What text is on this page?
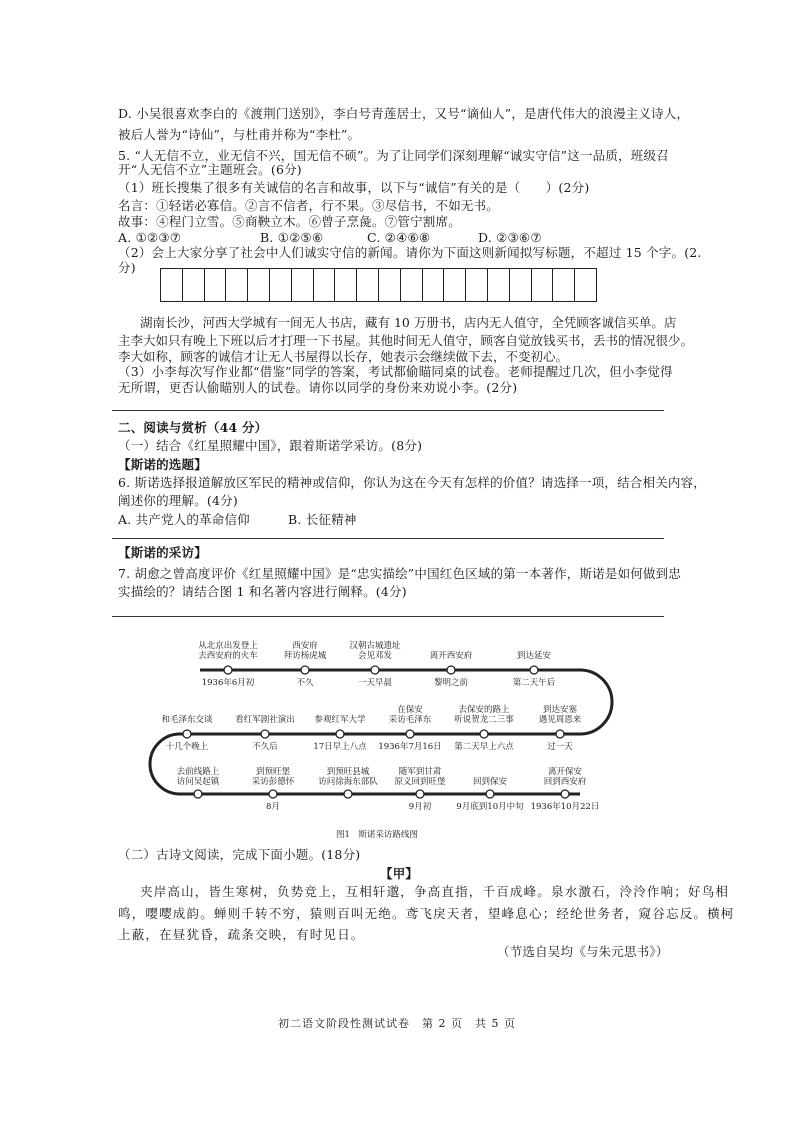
D. 小吴很喜欢李白的《渡荆门送别》，李白号青莲居士，又号“谪仙人”，是唐代伟大的浪漫主义诗人，
被后人誉为“诗仙”，与杜甫并称为“李杜”。
5. “人无信不立，业无信不兴，国无信不硕”。为了让同学们深刻理解“诚实守信”这一品质，班级召
开“人无信不立”主题班会。(6分)
（1）班长搜集了很多有关诚信的名言和故事，以下与“诚信”有关的是（　　）(2分)
名言：①轻诺必寡信。②言不信者，行不果。③尽信书，不如无书。
故事：④程门立雪。⑤商鞅立木。⑥曾子烹彘。⑦管宁割席。
A. ①②③⑦	B. ①②⑤⑥	C. ②④⑥⑧	D. ②③⑥⑦
（2）会上大家分享了社会中人们诚实守信的新闻。请你为下面这则新闻拟写标题，不超过 15 个字。(2.
分)
湖南长沙，河西大学城有一间无人书店，藏有 10 万册书，店内无人值守，全凭顾客诚信买单。店
主李大如只有晚上下班以后才打理一下书屋。其他时间无人值守，顾客自觉放钱买书，丢书的情况很少。
李大如称，顾客的诚信才让无人书屋得以长存，她表示会继续做下去，不变初心。
（3）小李每次写作业都“借鉴”同学的答案，考试都偷瞄同桌的试卷。老师提醒过几次，但小李觉得
无所谓，更否认偷瞄别人的试卷。请你以同学的身份来劝说小李。(2分)
二、阅读与赏析（44 分）
（一）结合《红星照耀中国》，跟着斯诺学采访。(8分)
【斯诺的选题】
6. 斯诺选择报道解放区军民的精神或信仰，你认为这在今天有怎样的价值？请选择一项，结合相关内容，
阐述你的理解。(4分)
A. 共产党人的革命信仰	B. 长征精神
【斯诺的采访】
7. 胡愈之曾高度评价《红星照耀中国》是“忠实描绘”中国红色区域的第一本著作，斯诺是如何做到忠
实描绘的？请结合图 1 和名著内容进行阐释。(4分)
从北京出发登上
去西安府的火车
1936年6月初
西安府
拜访杨虎城
不久
汉朝古城遗址
会见邓发
一天早晨
离开西安府
黎明之前
到达延安
第二天午后
和毛泽东交谈
十几个晚上
看红军剧社演出
不久后
参观红军大学
17日早上八点
在保安
采访毛泽东
1936年7月16日
去保安的路上
听说贺龙二三事
第二天早上六点
到达安塞
遇见周恩来
过一天
去前线路上
访问吴起镇
到预旺堡
采访彭德怀
8月
到预旺县城
访问徐海东部队
随军到甘肃
原义回到旺堡
9月初
回到保安
9月底到10月中旬
离开保安
回到西安府
1936年10月22日
图1　斯诺采访路线图
（二）古诗文阅读，完成下面小题。(18分)
【甲】
夹岸高山，皆生寒树，负势竞上，互相轩邈，争高直指，千百成峰。泉水激石，泠泠作响；好鸟相
鸣，嘤嘤成韵。蝉则千转不穷，猿则百叫无绝。鸢飞戾天者，望峰息心；经纶世务者，窥谷忘反。横柯
上蔽，在昼犹昏，疏条交映，有时见日。
（节选自吴均《与朱元思书》）
初二语文阶段性测试试卷　第 2 页　共 5 页
